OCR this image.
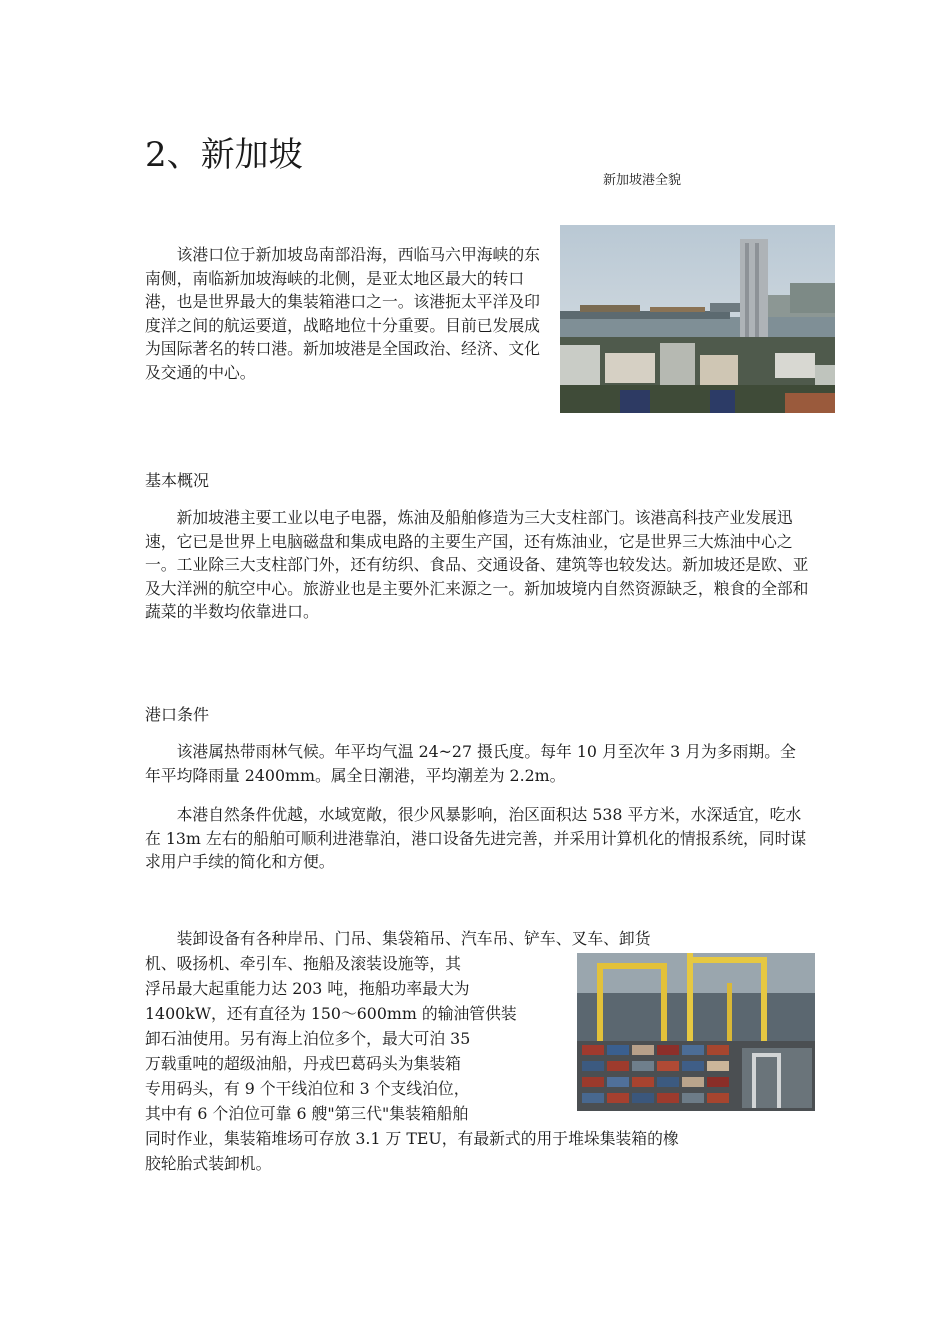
2、新加坡
新加坡港全貌

该港口位于新加坡岛南部沿海，西临马六甲海峡的东南侧，南临新加坡海峡的北侧，是亚太地区最大的转口港，也是世界最大的集装箱港口之一。该港扼太平洋及印度洋之间的航运要道，战略地位十分重要。目前已发展成为国际著名的转口港。新加坡港是全国政治、经济、文化及交通的中心。

基本概况

新加坡港主要工业以电子电器，炼油及船舶修造为三大支柱部门。该港高科技产业发展迅速，它已是世界上电脑磁盘和集成电路的主要生产国，还有炼油业，它是世界三大炼油中心之一。工业除三大支柱部门外，还有纺织、食品、交通设备、建筑等也较发达。新加坡还是欧、亚及大洋洲的航空中心。旅游业也是主要外汇来源之一。新加坡境内自然资源缺乏，粮食的全部和蔬菜的半数均依靠进口。

港口条件

该港属热带雨林气候。年平均气温 24~27 摄氏度。每年 10 月至次年 3 月为多雨期。全年平均降雨量 2400mm。属全日潮港，平均潮差为 2.2m。

本港自然条件优越，水域宽敞，很少风暴影响，治区面积达 538 平方米，水深适宜，吃水在 13m 左右的船舶可顺利进港靠泊，港口设备先进完善，并采用计算机化的情报系统，同时谋求用户手续的简化和方便。

装卸设备有各种岸吊、门吊、集袋箱吊、汽车吊、铲车、叉车、卸货

机、吸扬机、牵引车、拖船及滚装设施等，其

浮吊最大起重能力达 203 吨，拖船功率最大为

1400kW，还有直径为 150～600mm 的输油管供装

卸石油使用。另有海上泊位多个，最大可泊 35

万载重吨的超级油船，丹戎巴葛码头为集装箱

专用码头，有 9 个干线泊位和 3 个支线泊位，

其中有 6 个泊位可靠 6 艘"第三代"集装箱船舶

同时作业，集装箱堆场可存放 3.1 万 TEU，有最新式的用于堆垛集装箱的橡

胶轮胎式装卸机。
